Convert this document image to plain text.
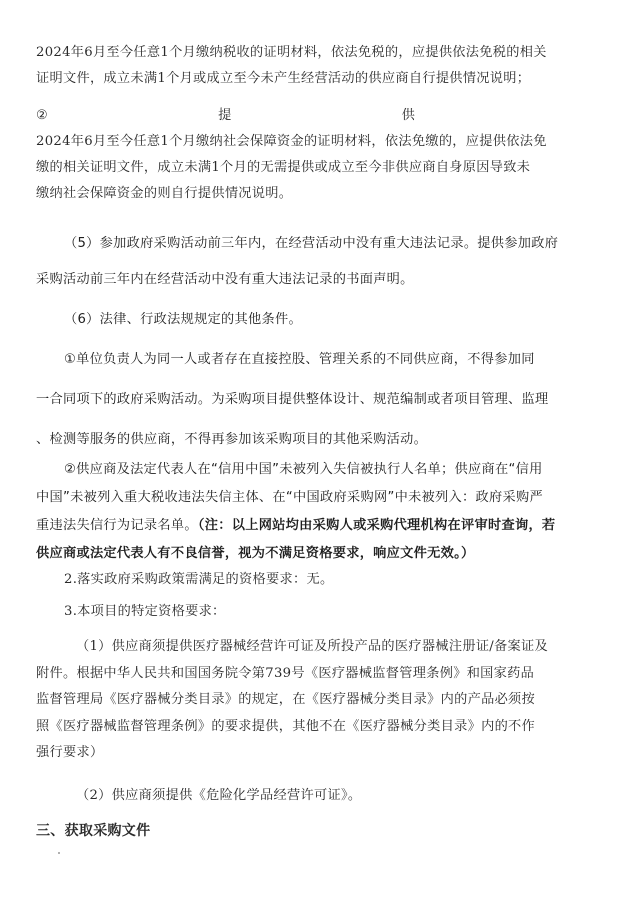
2024年6月至今任意1个月缴纳税收的证明材料，依法免税的，应提供依法免税的相关
证明文件，成立未满1个月或成立至今未产生经营活动的供应商自行提供情况说明；
②	提	供
2024年6月至今任意1个月缴纳社会保障资金的证明材料，依法免缴的，应提供依法免
缴的相关证明文件，成立未满1个月的无需提供或成立至今非供应商自身原因导致未
缴纳社会保障资金的则自行提供情况说明。
（5）参加政府采购活动前三年内，在经营活动中没有重大违法记录。提供参加政府
采购活动前三年内在经营活动中没有重大违法记录的书面声明。
（6）法律、行政法规规定的其他条件。
①单位负责人为同一人或者存在直接控股、管理关系的不同供应商，不得参加同
一合同项下的政府采购活动。为采购项目提供整体设计、规范编制或者项目管理、监理
、检测等服务的供应商，不得再参加该采购项目的其他采购活动。
②供应商及法定代表人在“信用中国”未被列入失信被执行人名单；供应商在“信用
中国”未被列入重大税收违法失信主体、在“中国政府采购网”中未被列入：政府采购严
重违法失信行为记录名单。（注：以上网站均由采购人或采购代理机构在评审时查询，若
供应商或法定代表人有不良信誉，视为不满足资格要求，响应文件无效。）
2.落实政府采购政策需满足的资格要求：无。
3.本项目的特定资格要求：
（1）供应商须提供医疗器械经营许可证及所投产品的医疗器械注册证/备案证及
附件。根据中华人民共和国国务院令第739号《医疗器械监督管理条例》和国家药品
监督管理局《医疗器械分类目录》的规定，在《医疗器械分类目录》内的产品必须按
照《医疗器械监督管理条例》的要求提供，其他不在《医疗器械分类目录》内的不作
强行要求）
（2）供应商须提供《危险化学品经营许可证》。
三、获取采购文件
